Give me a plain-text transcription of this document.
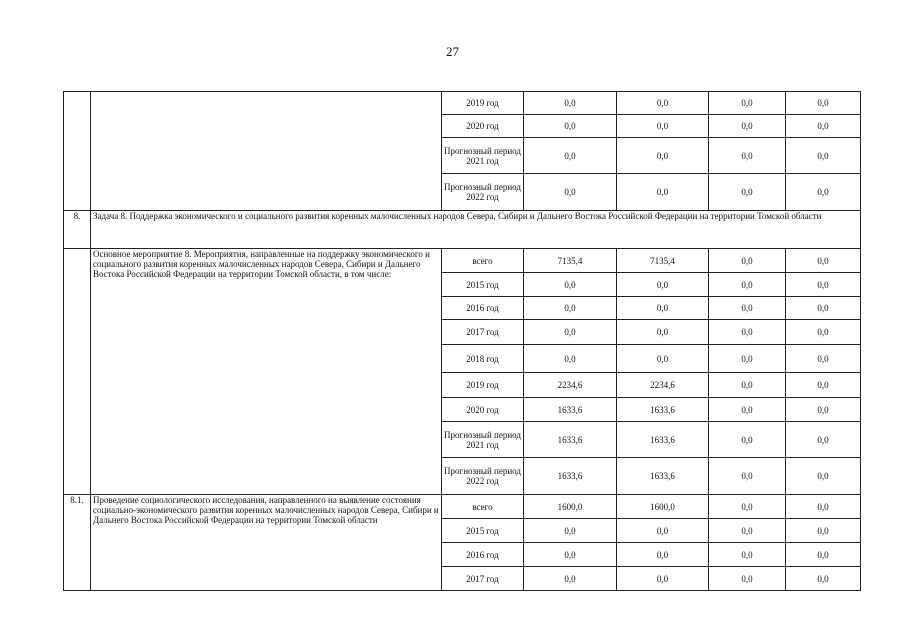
27
		2019 год	0,0	0,0	0,0	0,0
		2020 год	0,0	0,0	0,0	0,0
		Прогнозный период 2021 год	0,0	0,0	0,0	0,0
		Прогнозный период 2022 год	0,0	0,0	0,0	0,0
8.	Задача 8. Поддержка экономического и социального развития коренных малочисленных народов Севера, Сибири и Дальнего Востока Российской Федерации на территории Томской области					
	Основное мероприятие 8. Мероприятия, направленные на поддержку экономического и социального развития коренных малочисленных народов Севера, Сибири и Дальнего Востока Российской Федерации на территории Томской области, в том числе:	всего	7135,4	7135,4	0,0	0,0
		2015 год	0,0	0,0	0,0	0,0
		2016 год	0,0	0,0	0,0	0,0
		2017 год	0,0	0,0	0,0	0,0
		2018 год	0,0	0,0	0,0	0,0
		2019 год	2234,6	2234,6	0,0	0,0
		2020 год	1633,6	1633,6	0,0	0,0
		Прогнозный период 2021 год	1633,6	1633,6	0,0	0,0
		Прогнозный период 2022 год	1633,6	1633,6	0,0	0,0
8.1.	Проведение социологического исследования, направленного на выявление состояния социально-экономического развития коренных малочисленных народов Севера, Сибири и Дальнего Востока Российской Федерации на территории Томской области	всего	1600,0	1600,0	0,0	0,0
		2015 год	0,0	0,0	0,0	0,0
		2016 год	0,0	0,0	0,0	0,0
		2017 год	0,0	0,0	0,0	0,0
